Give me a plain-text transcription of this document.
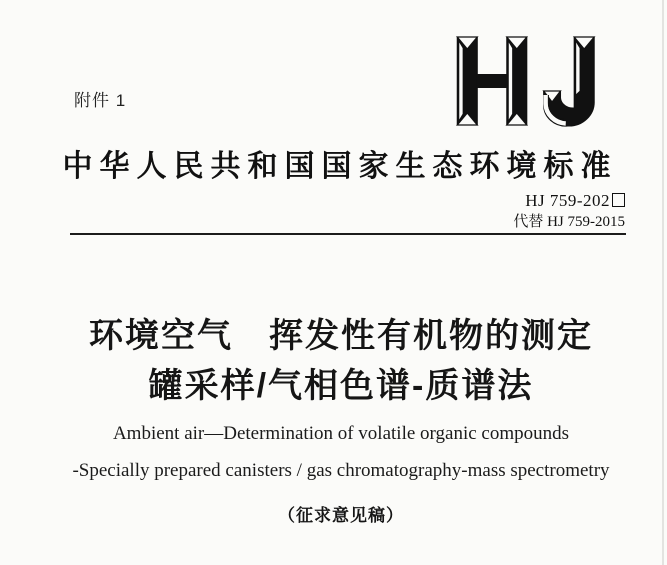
附件 1
中华人民共和国国家生态环境标准
HJ 759-202
代替 HJ 759-2015
环境空气　挥发性有机物的测定
罐采样/气相色谱-质谱法
Ambient air—Determination of volatile organic compounds
-Specially prepared canisters / gas chromatography-mass spectrometry
（征求意见稿）
